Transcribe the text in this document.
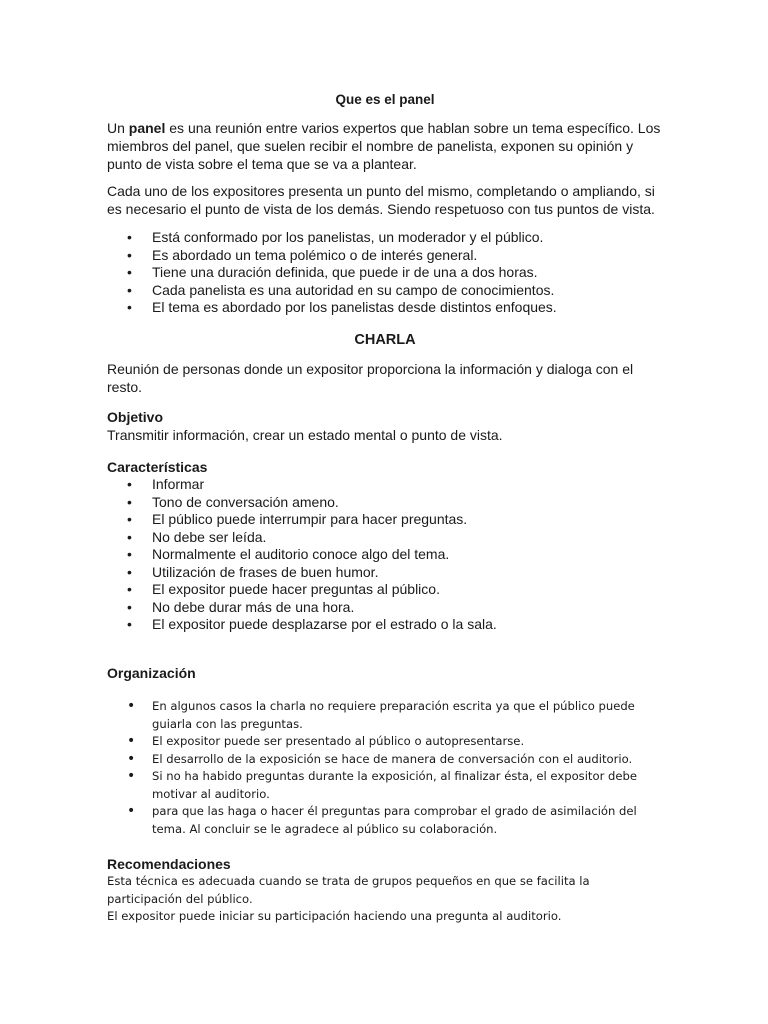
Que es el panel

Un panel es una reunión entre varios expertos que hablan sobre un tema específico. Los miembros del panel, que suelen recibir el nombre de panelista, exponen su opinión y punto de vista sobre el tema que se va a plantear.

Cada uno de los expositores presenta un punto del mismo, completando o ampliando, si es necesario el punto de vista de los demás. Siendo respetuoso con tus puntos de vista.

• Está conformado por los panelistas, un moderador y el público.
• Es abordado un tema polémico o de interés general.
• Tiene una duración definida, que puede ir de una a dos horas.
• Cada panelista es una autoridad en su campo de conocimientos.
• El tema es abordado por los panelistas desde distintos enfoques.
CHARLA

Reunión de personas donde un expositor proporciona la información y dialoga con el resto.

Objetivo

Transmitir información, crear un estado mental o punto de vista.

Características
• Informar
• Tono de conversación ameno.
• El público puede interrumpir para hacer preguntas.
• No debe ser leída.
• Normalmente el auditorio conoce algo del tema.
• Utilización de frases de buen humor.
• El expositor puede hacer preguntas al público.
• No debe durar más de una hora.
• El expositor puede desplazarse por el estrado o la sala.
Organización
• En algunos casos la charla no requiere preparación escrita ya que el público puede guiarla con las preguntas.
• El expositor puede ser presentado al público o autopresentarse.
• El desarrollo de la exposición se hace de manera de conversación con el auditorio.
• Si no ha habido preguntas durante la exposición, al finalizar ésta, el expositor debe motivar al auditorio.
• para que las haga o hacer él preguntas para comprobar el grado de asimilación del tema. Al concluir se le agradece al público su colaboración.
Recomendaciones

Esta técnica es adecuada cuando se trata de grupos pequeños en que se facilita la participación del público.

El expositor puede iniciar su participación haciendo una pregunta al auditorio.
